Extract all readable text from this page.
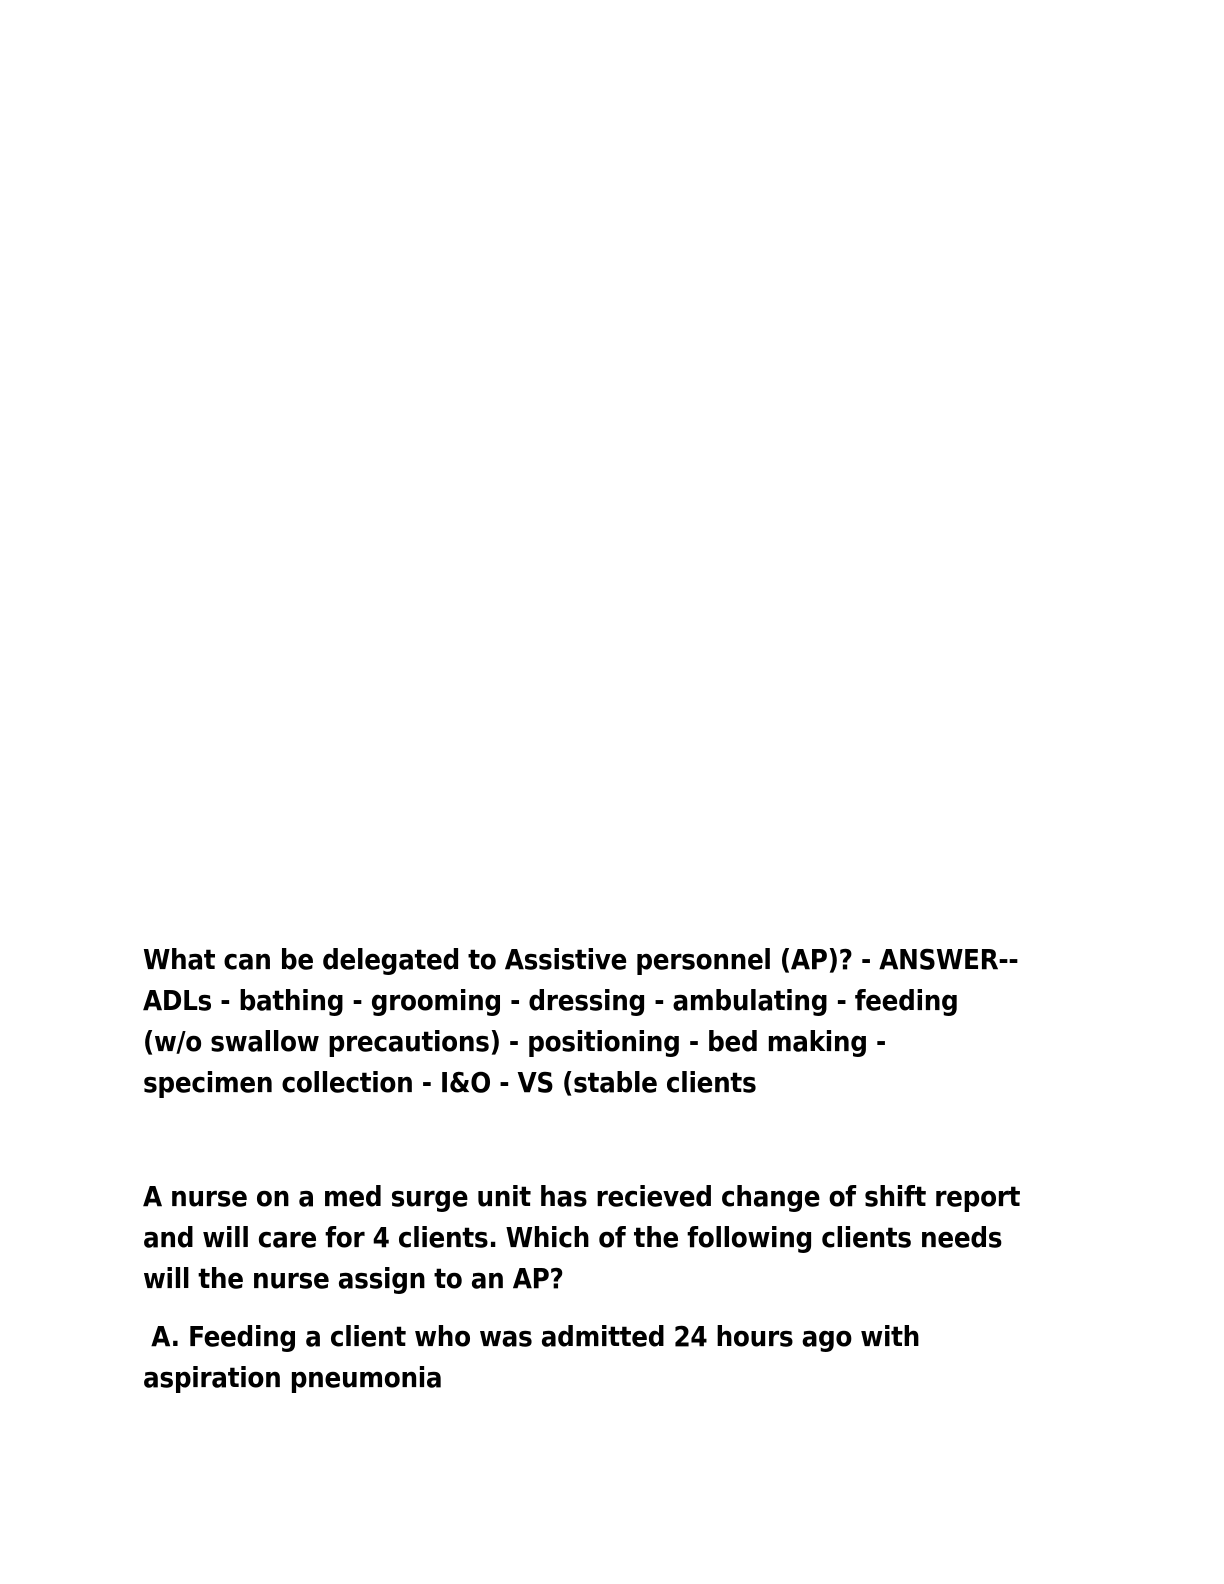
What can be delegated to Assistive personnel (AP)? - ANSWER--
ADLs - bathing - grooming - dressing - ambulating - feeding
(w/o swallow precautions) - positioning - bed making -
specimen collection - I&O - VS (stable clients

A nurse on a med surge unit has recieved change of shift report
and will care for 4 clients. Which of the following clients needs
will the nurse assign to an AP?

A. Feeding a client who was admitted 24 hours ago with
aspiration pneumonia
